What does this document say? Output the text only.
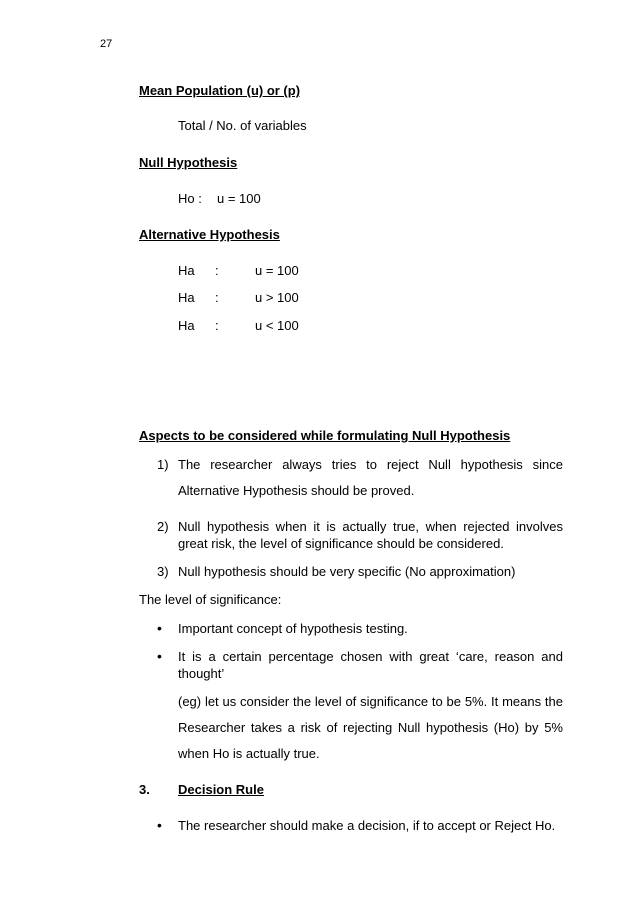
27
Mean Population (u) or (p)
Total / No. of variables
Null Hypothesis
Ho : u = 100
Alternative Hypothesis
Ha :	u = 100
Ha :	u > 100
Ha :	u < 100
Aspects to be considered while formulating Null Hypothesis
1) The researcher always tries to reject Null hypothesis since
Alternative Hypothesis should be proved.
2) Null hypothesis when it is actually true, when rejected involves
great risk, the level of significance should be considered.
3) Null hypothesis should be very specific (No approximation)
The level of significance:
• Important concept of hypothesis testing.
• It is a certain percentage chosen with great ‘care, reason and
thought’
(eg) let us consider the level of significance to be 5%. It means the
Researcher takes a risk of rejecting Null hypothesis (Ho) by 5%
when Ho is actually true.
3. Decision Rule
• The researcher should make a decision, if to accept or Reject Ho.
